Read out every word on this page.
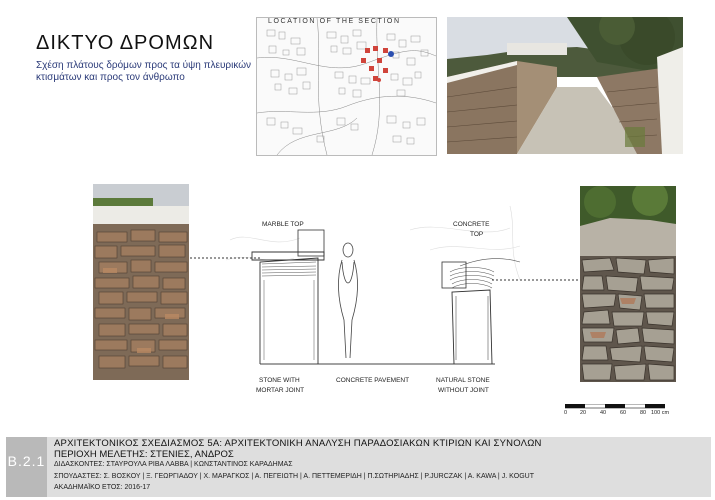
ΔΙΚΤΥΟ ΔΡΟΜΩΝ
Σχέση πλάτους δρόμων προς τα ύψη πλευρικών κτισμάτων και προς τον άνθρωπο
LOCATION OF THE SECTION
MARBLE TOP	CONCRETE
TOP
STONE WITH
MORTAR JOINT
CONCRETE PAVEMENT	NATURAL STONE
WITHOUT JOINT
0 20	40	60	80 100 cm
B.2.1
ΑΡΧΙΤΕΚΤΟΝΙΚΟΣ ΣΧΕΔΙΑΣΜΟΣ 5Α: ΑΡΧΙΤΕΚΤΟΝΙΚΗ ΑΝΑΛΥΣΗ ΠΑΡΑΔΟΣΙΑΚΩΝ ΚΤΙΡΙΩΝ ΚΑΙ ΣΥΝΟΛΩΝ
ΠΕΡΙΟΧΗ ΜΕΛΕΤΗΣ: ΣΤΕΝΙΕΣ, ΑΝΔΡΟΣ
ΔΙΔΑΣΚΟΝΤΕΣ: ΣΤΑΥΡΟΥΛΑ ΡΙΒΑ ΛΑΒΒΑ | ΚΩΝΣΤΑΝΤΙΝΟΣ ΚΑΡΑΔΗΜΑΣ
ΣΠΟΥΔΑΣΤΕΣ: Σ. ΒΟΣΚΟΥ | Ξ. ΓΕΩΡΓΙΑΔΟΥ | Χ. ΜΑΡΑΓΚΟΣ | Α. ΠΕΓΕΙΩΤΗ | Α. ΠΕΤΤΕΜΕΡΙΔΗ | Π.ΣΩΤΗΡΙΑΔΗΣ | P.JURCZAK | A. KAWA | J. KOGUT
ΑΚΑΔΗΜΑΪΚΟ ΕΤΟΣ: 2016-17
